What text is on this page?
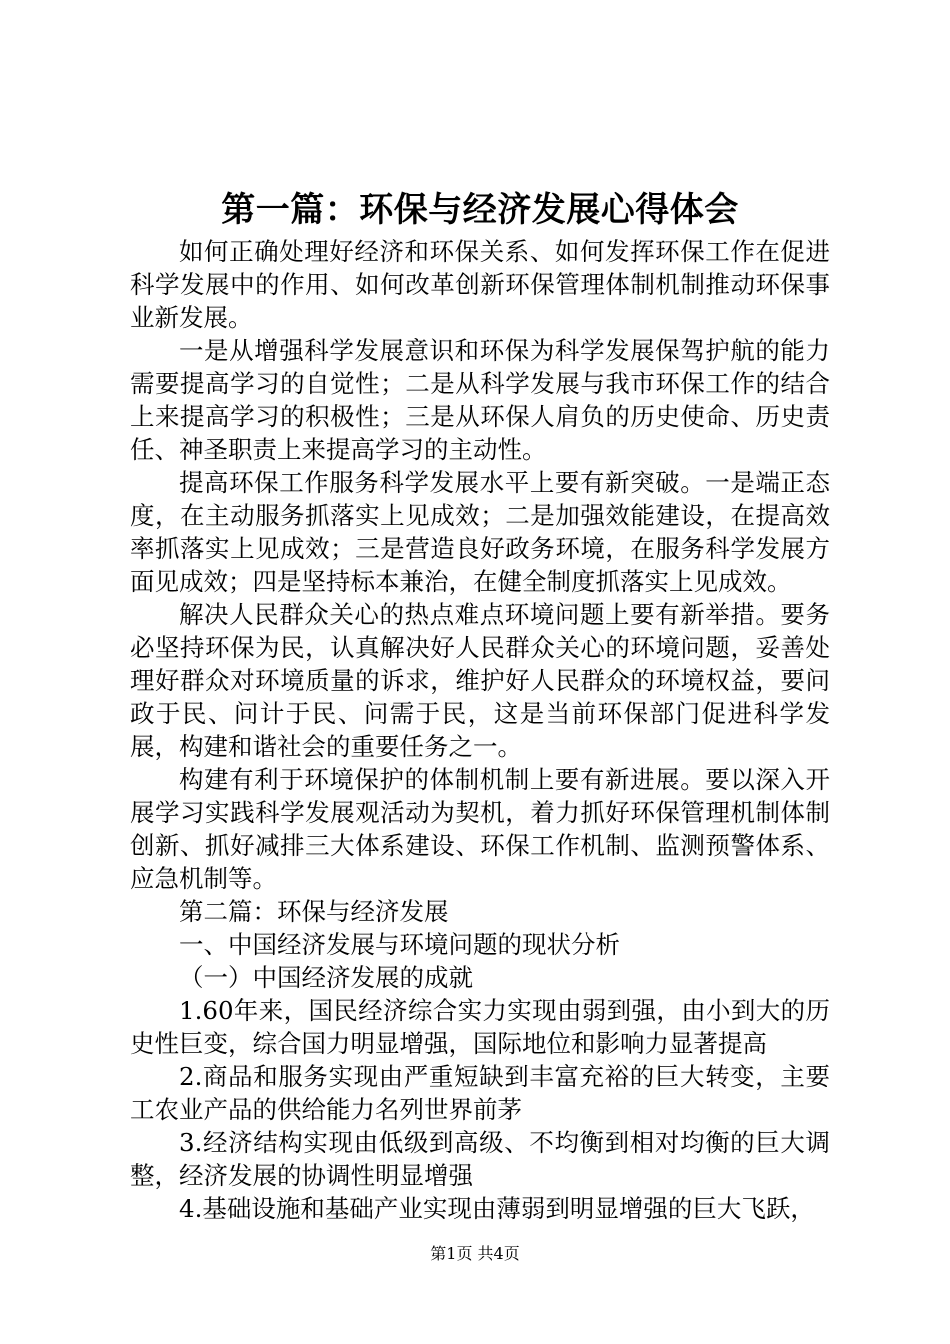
第一篇：环保与经济发展心得体会

如何正确处理好经济和环保关系、如何发挥环保工作在促进科学发展中的作用、如何改革创新环保管理体制机制推动环保事业新发展。

一是从增强科学发展意识和环保为科学发展保驾护航的能力需要提高学习的自觉性；二是从科学发展与我市环保工作的结合上来提高学习的积极性；三是从环保人肩负的历史使命、历史责任、神圣职责上来提高学习的主动性。

提高环保工作服务科学发展水平上要有新突破。一是端正态度，在主动服务抓落实上见成效；二是加强效能建设，在提高效率抓落实上见成效；三是营造良好政务环境，在服务科学发展方面见成效；四是坚持标本兼治，在健全制度抓落实上见成效。

解决人民群众关心的热点难点环境问题上要有新举措。要务必坚持环保为民，认真解决好人民群众关心的环境问题，妥善处理好群众对环境质量的诉求，维护好人民群众的环境权益，要问政于民、问计于民、问需于民，这是当前环保部门促进科学发展，构建和谐社会的重要任务之一。

构建有利于环境保护的体制机制上要有新进展。要以深入开展学习实践科学发展观活动为契机，着力抓好环保管理机制体制创新、抓好减排三大体系建设、环保工作机制、监测预警体系、应急机制等。

第二篇：环保与经济发展

一、中国经济发展与环境问题的现状分析

（一）中国经济发展的成就

1.60年来，国民经济综合实力实现由弱到强，由小到大的历史性巨变，综合国力明显增强，国际地位和影响力显著提高

2.商品和服务实现由严重短缺到丰富充裕的巨大转变，主要工农业产品的供给能力名列世界前茅

3.经济结构实现由低级到高级、不均衡到相对均衡的巨大调整，经济发展的协调性明显增强

4.基础设施和基础产业实现由薄弱到明显增强的巨大飞跃，

第1页 共4页
